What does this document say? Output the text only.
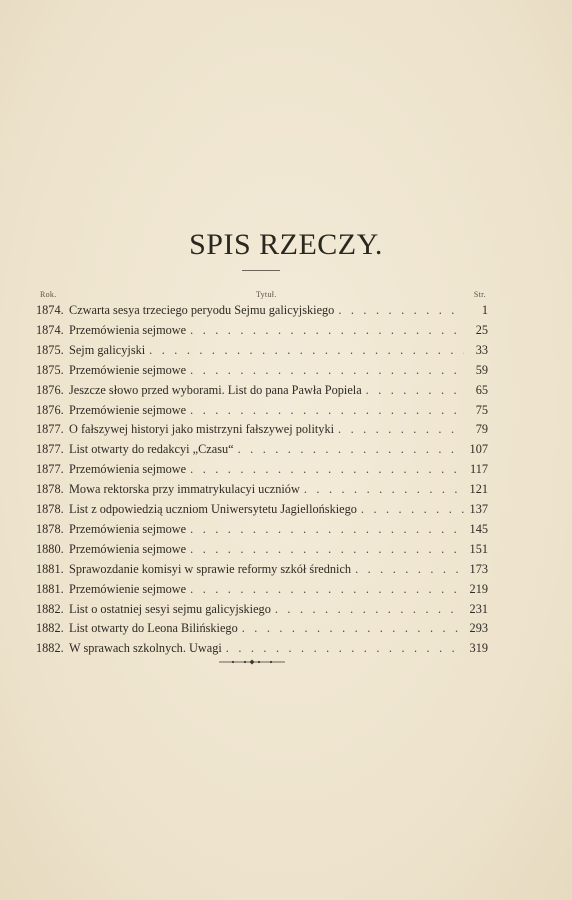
SPIS RZECZY.
Rok.	Tytuł.	Str.
1874. Czwarta sesya trzeciego peryodu Sejmu galicyjskiego . . .	1
1874. Przemówienia sejmowe . . .	25
1875. Sejm galicyjski . . .	33
1875. Przemówienie sejmowe . . .	59
1876. Jeszcze słowo przed wyborami. List do pana Pawła Popiela . . .	65
1876. Przemówienie sejmowe . . .	75
1877. O fałszywej historyi jako mistrzyni fałszywej polityki . . .	79
1877. List otwarty do redakcyi „Czasu“ . . .	107
1877. Przemówienia sejmowe . . .	117
1878. Mowa rektorska przy immatrykulacyi uczniów . . .	121
1878. List z odpowiedzią uczniom Uniwersytetu Jagiellońskiego . . .	137
1878. Przemówienia sejmowe . . .	145
1880. Przemówienia sejmowe . . .	151
1881. Sprawozdanie komisyi w sprawie reformy szkół średnich . . .	173
1881. Przemówienie sejmowe . . .	219
1882. List o ostatniej sesyi sejmu galicyjskiego . . .	231
1882. List otwarty do Leona Bilińskiego . . .	293
1882. W sprawach szkolnych. Uwagi . . .	319
